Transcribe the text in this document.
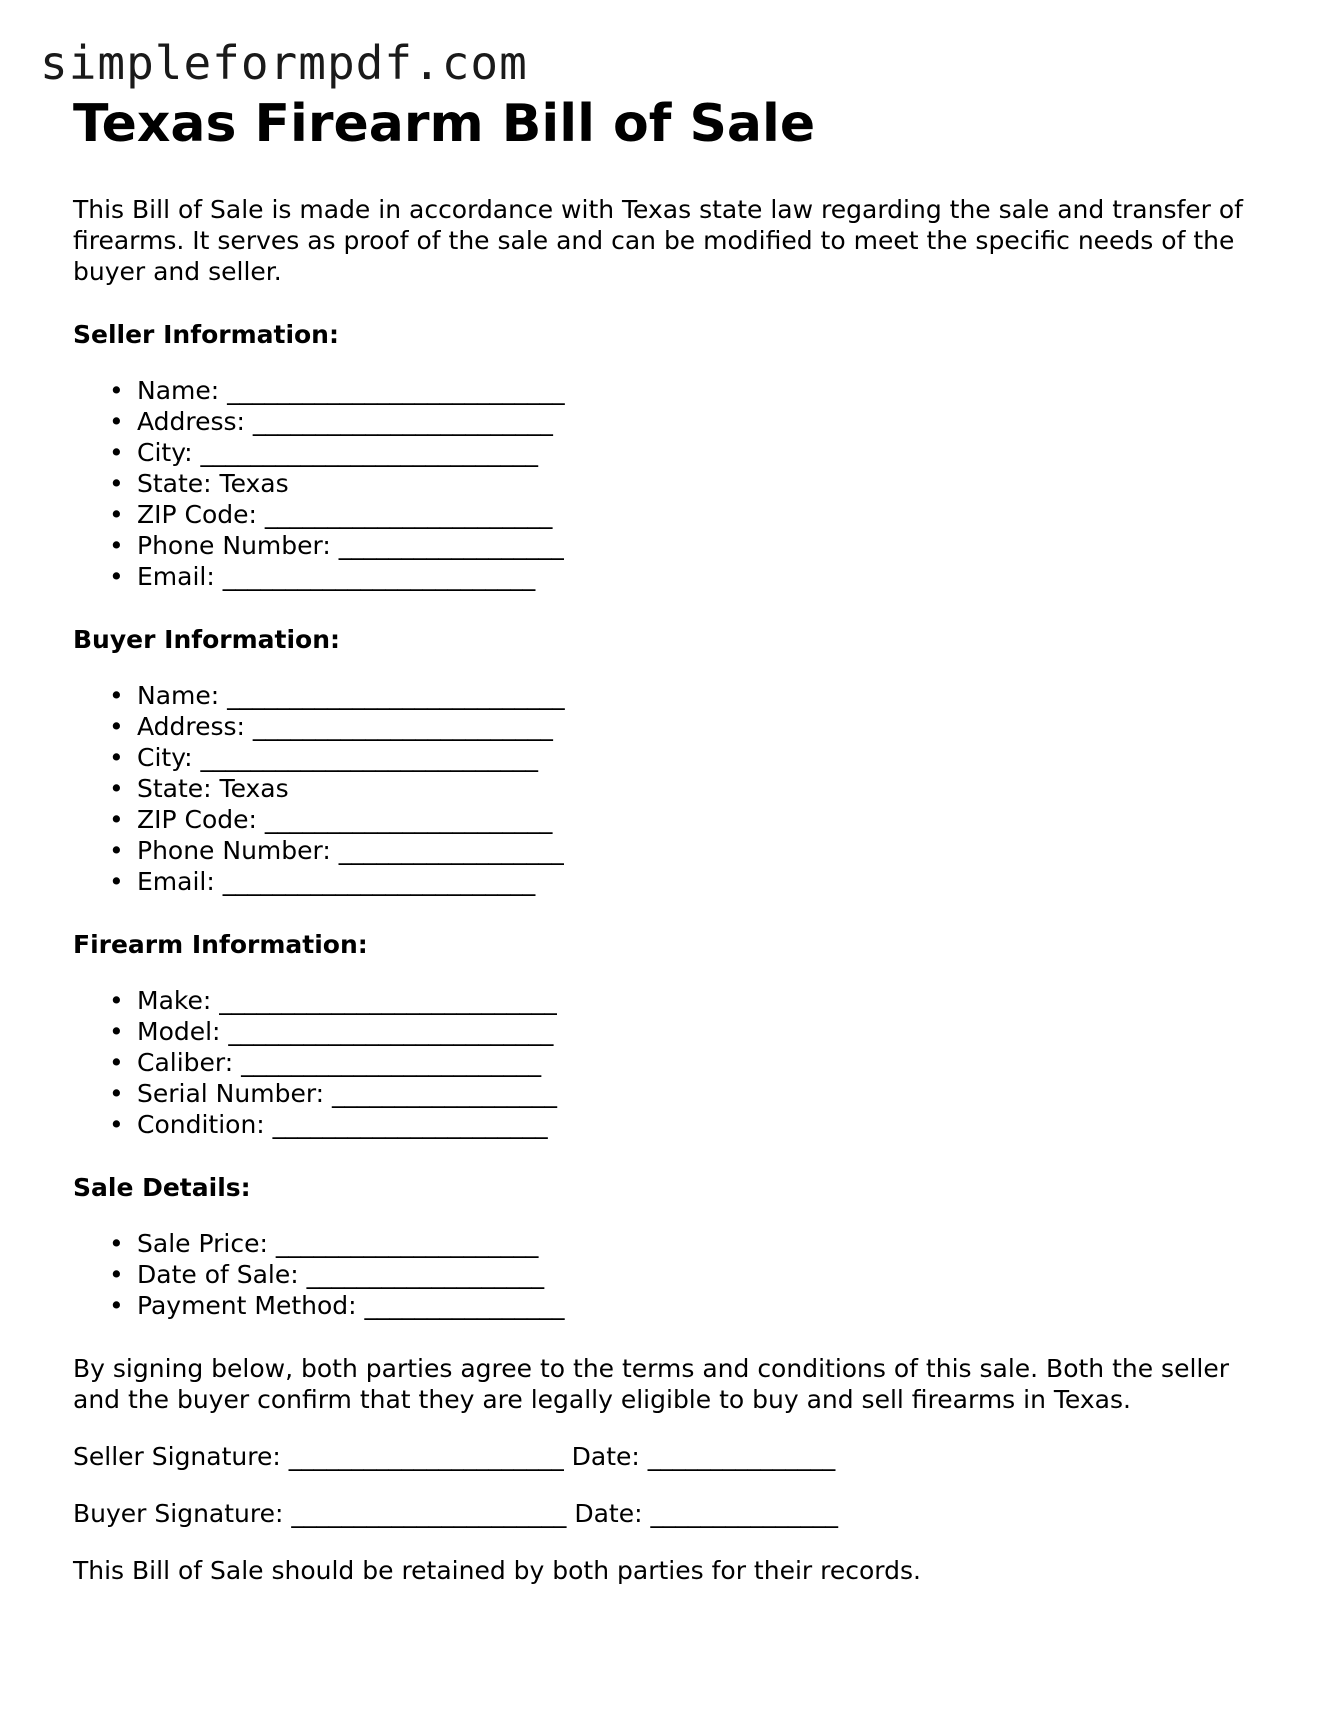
simpleformpdf.com
Texas Firearm Bill of Sale

This Bill of Sale is made in accordance with Texas state law regarding the sale and transfer of firearms. It serves as proof of the sale and can be modified to meet the specific needs of the buyer and seller.

Seller Information:

• Name: ___________________________
• Address: ________________________
• City: ___________________________
• State: Texas
• ZIP Code: _______________________
• Phone Number: __________________
• Email: _________________________

Buyer Information:

• Name: ___________________________
• Address: ________________________
• City: ___________________________
• State: Texas
• ZIP Code: _______________________
• Phone Number: __________________
• Email: _________________________

Firearm Information:

• Make: ___________________________
• Model: __________________________
• Caliber: ________________________
• Serial Number: __________________
• Condition: ______________________

Sale Details:

• Sale Price: _____________________
• Date of Sale: ___________________
• Payment Method: ________________

By signing below, both parties agree to the terms and conditions of this sale. Both the seller and the buyer confirm that they are legally eligible to buy and sell firearms in Texas.

Seller Signature: ______________________ Date: _______________

Buyer Signature: ______________________ Date: _______________

This Bill of Sale should be retained by both parties for their records.
